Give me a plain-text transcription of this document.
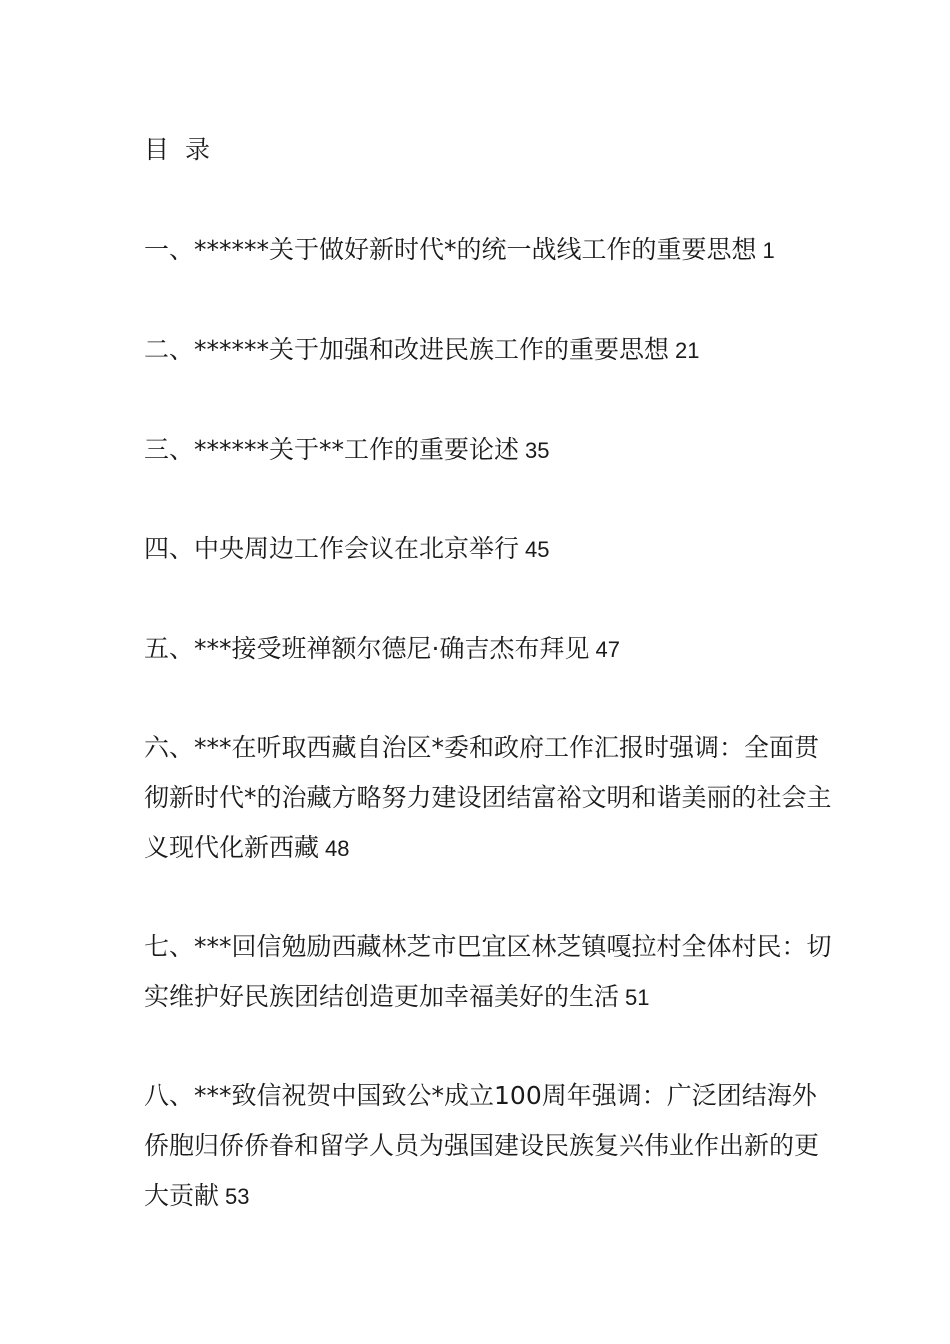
目 录
一、******关于做好新时代*的统一战线工作的重要思想 1
二、******关于加强和改进民族工作的重要思想 21
三、******关于**工作的重要论述 35
四、中央周边工作会议在北京举行 45
五、***接受班禅额尔德尼·确吉杰布拜见 47
六、***在听取西藏自治区*委和政府工作汇报时强调：全面贯彻新时代*的治藏方略努力建设团结富裕文明和谐美丽的社会主义现代化新西藏 48
七、***回信勉励西藏林芝市巴宜区林芝镇嘎拉村全体村民：切实维护好民族团结创造更加幸福美好的生活 51
八、***致信祝贺中国致公*成立100周年强调：广泛团结海外侨胞归侨侨眷和留学人员为强国建设民族复兴伟业作出新的更大贡献 53
